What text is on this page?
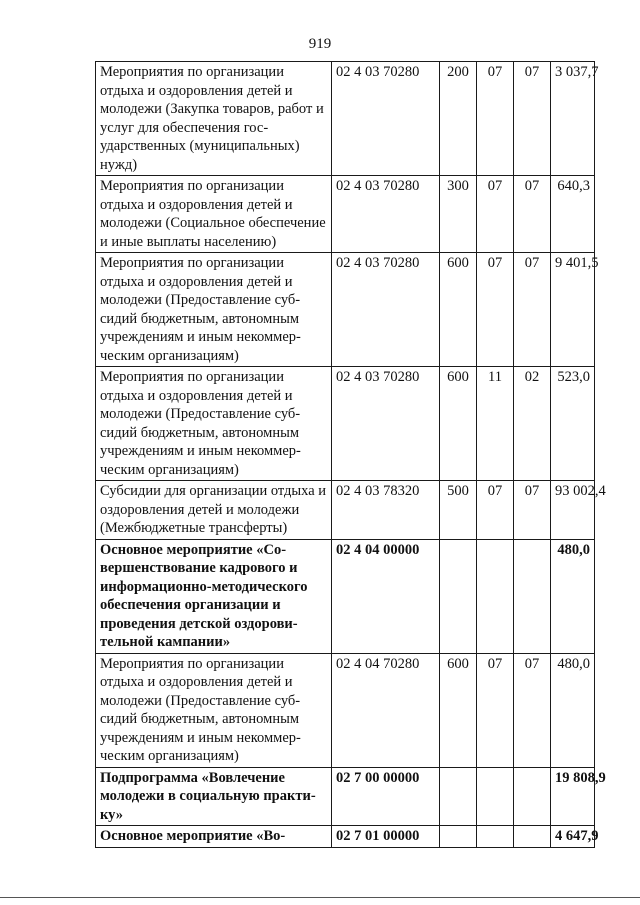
919
Мероприятия по организации отдыха и оздоровления детей и молодежи (Закупка товаров, работ и услуг для обеспечения государственных (муниципальных) нужд)	02 4 03 70280	200	07	07	3 037,7
Мероприятия по организации отдыха и оздоровления детей и молодежи (Социальное обеспечение и иные выплаты населению)	02 4 03 70280	300	07	07	640,3
Мероприятия по организации отдыха и оздоровления детей и молодежи (Предоставление субсидий бюджетным, автономным учреждениям и иным некоммерческим организациям)	02 4 03 70280	600	07	07	9 401,5
Мероприятия по организации отдыха и оздоровления детей и молодежи (Предоставление субсидий бюджетным, автономным учреждениям и иным некоммерческим организациям)	02 4 03 70280	600	11	02	523,0
Субсидии для организации отдыха и оздоровления детей и молодежи (Межбюджетные трансферты)	02 4 03 78320	500	07	07	93 002,4
Основное мероприятие «Совершенствование кадрового и информационно-методического обеспечения организации и проведения детской оздоровительной кампании»	02 4 04 00000				480,0
Мероприятия по организации отдыха и оздоровления детей и молодежи (Предоставление субсидий бюджетным, автономным учреждениям и иным некоммерческим организациям)	02 4 04 70280	600	07	07	480,0
Подпрограмма «Вовлечение молодежи в социальную практику»	02 7 00 00000				19 808,9
Основное мероприятие «Во-	02 7 01 00000				4 647,9
